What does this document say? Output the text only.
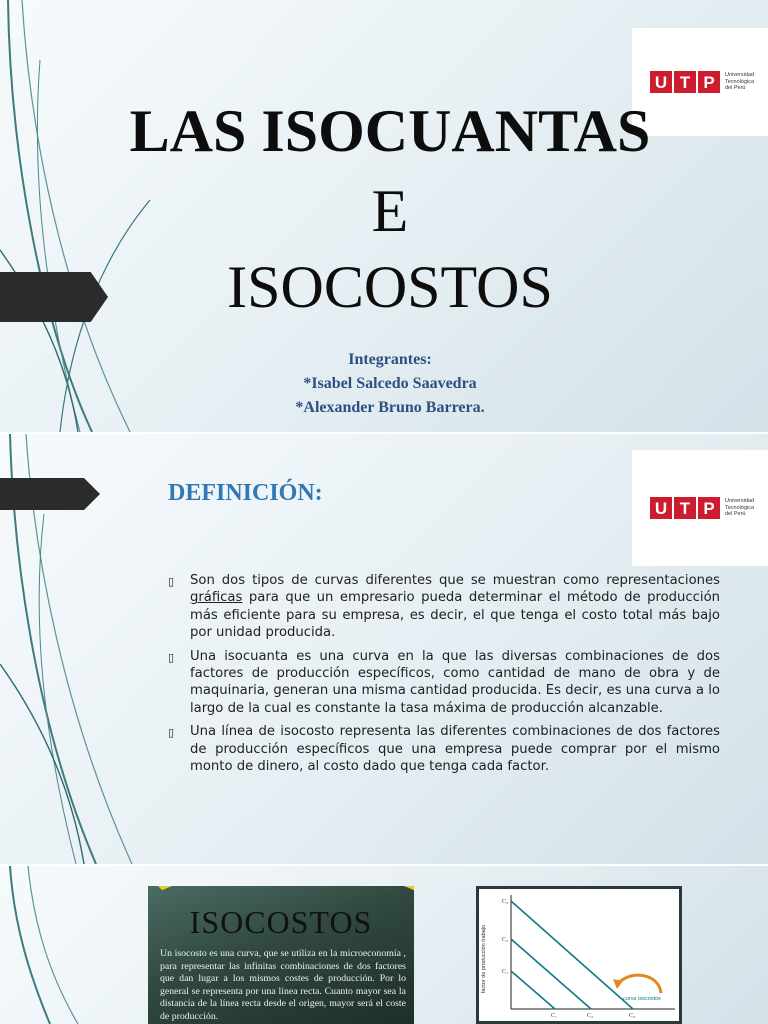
U T P	Universidad
Tecnológica
del Perú
LAS ISOCUANTAS
E
ISOCOSTOS
Integrantes:
*Isabel Salcedo Saavedra
*Alexander Bruno Barrera.
U T P	Universidad
Tecnológica
del Perú
DEFINICIÓN:
▯ Son dos tipos de curvas diferentes que se muestran como representaciones gráficas para que un empresario pueda determinar el método de producción más eficiente para su empresa, es decir, el que tenga el costo total más bajo por unidad producida.
▯ Una isocuanta es una curva en la que las diversas combinaciones de dos factores de producción específicos, como cantidad de mano de obra y de maquinaria, generan una misma cantidad producida. Es decir, es una curva a lo largo de la cual es constante la tasa máxima de producción alcanzable.
▯ Una línea de isocosto representa las diferentes combinaciones de dos factores de producción específicos que una empresa puede comprar por el mismo monto de dinero, al costo dado que tenga cada factor.
ISOCOSTOS

Un isocosto es una curva, que se utiliza en la microeconomía , para representar las infinitas combinaciones de dos factores que dan lugar a los mismos costes de producción. Por lo general se representa por una línea recta. Cuanto mayor sea la distancia de la línea recta desde el origen, mayor será el coste de producción.

factor de producción trabajo
C₃
C₂
C₁
C₁	C₂	C₃
curva isocostos
